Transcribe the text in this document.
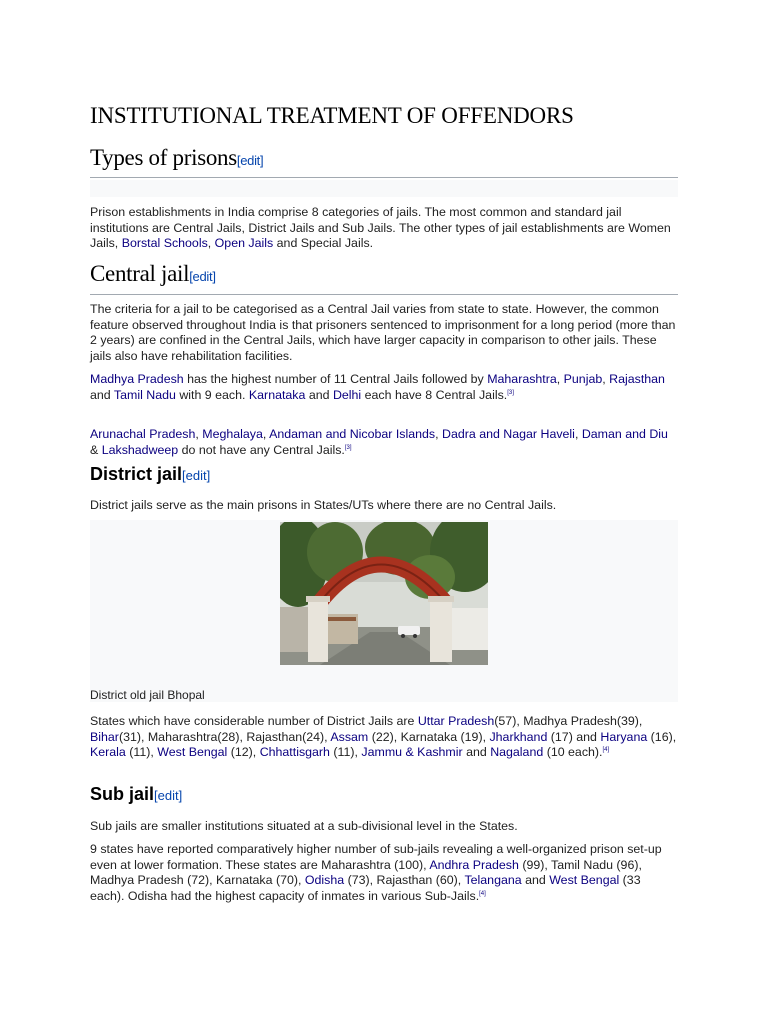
INSTITUTIONAL TREATMENT OF OFFENDORS
Types of prisons[edit]

Prison establishments in India comprise 8 categories of jails. The most common and standard jail institutions are Central Jails, District Jails and Sub Jails. The other types of jail establishments are Women Jails, Borstal Schools, Open Jails and Special Jails.

Central jail[edit]

The criteria for a jail to be categorised as a Central Jail varies from state to state. However, the common feature observed throughout India is that prisoners sentenced to imprisonment for a long period (more than 2 years) are confined in the Central Jails, which have larger capacity in comparison to other jails. These jails also have rehabilitation facilities.

Madhya Pradesh has the highest number of 11 Central Jails followed by Maharashtra, Punjab, Rajasthan and Tamil Nadu with 9 each. Karnataka and Delhi each have 8 Central Jails.[3]

Arunachal Pradesh, Meghalaya, Andaman and Nicobar Islands, Dadra and Nagar Haveli, Daman and Diu & Lakshadweep do not have any Central Jails.[3]

District jail[edit]

District jails serve as the main prisons in States/UTs where there are no Central Jails.

District old jail Bhopal

States which have considerable number of District Jails are Uttar Pradesh(57), Madhya Pradesh(39), Bihar(31), Maharashtra(28), Rajasthan(24), Assam (22), Karnataka (19), Jharkhand (17) and Haryana (16), Kerala (11), West Bengal (12), Chhattisgarh (11), Jammu & Kashmir and Nagaland (10 each).[4]

Sub jail[edit]

Sub jails are smaller institutions situated at a sub-divisional level in the States.

9 states have reported comparatively higher number of sub-jails revealing a well-organized prison set-up even at lower formation. These states are Maharashtra (100), Andhra Pradesh (99), Tamil Nadu (96), Madhya Pradesh (72), Karnataka (70), Odisha (73), Rajasthan (60), Telangana and West Bengal (33 each). Odisha had the highest capacity of inmates in various Sub-Jails.[4]
